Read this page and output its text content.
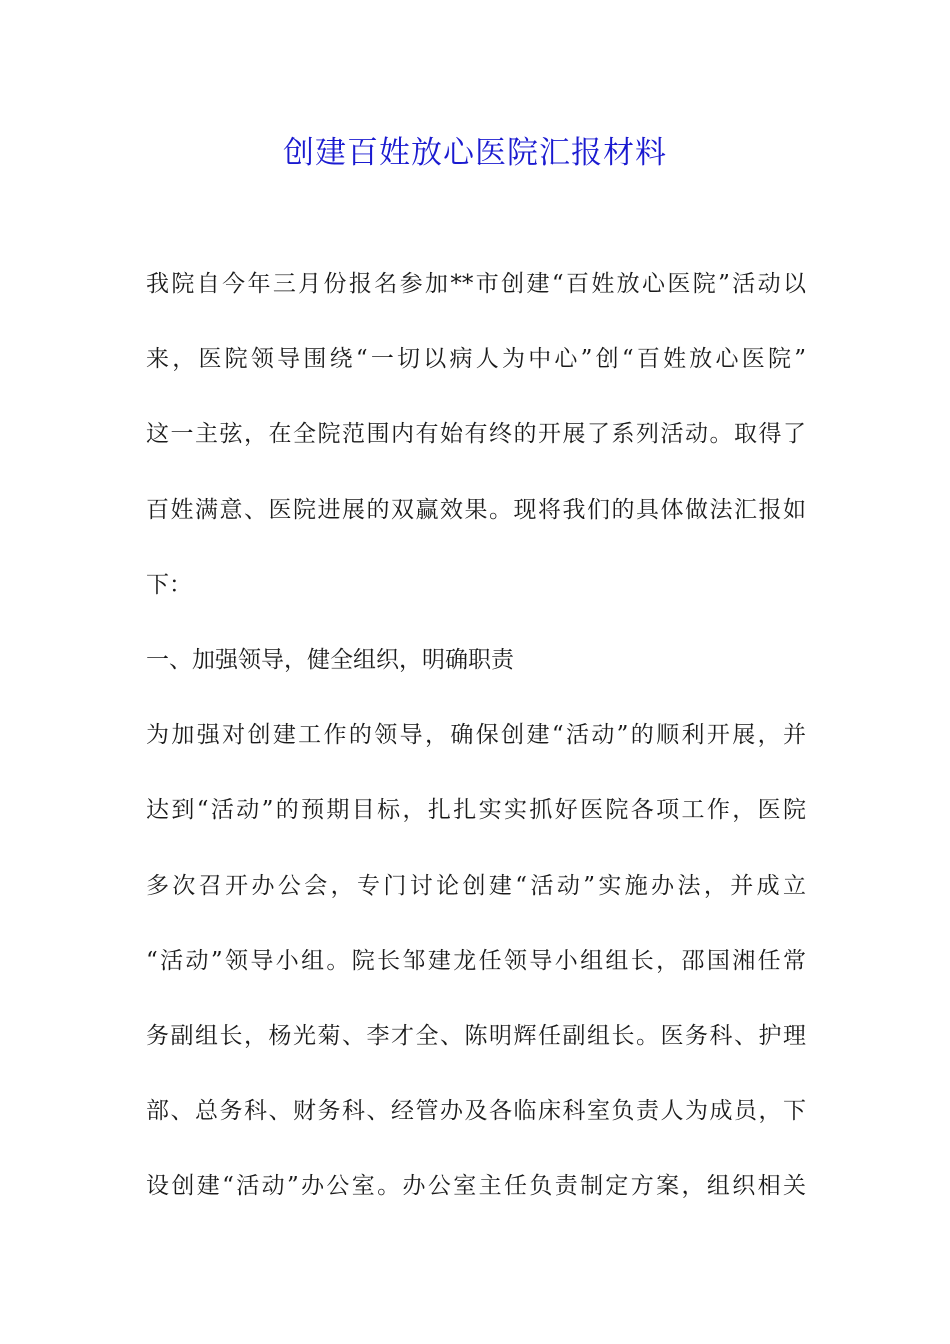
创建百姓放心医院汇报材料
我院自今年三月份报名参加**市创建“百姓放心医院”活动以
来，医院领导围绕“一切以病人为中心”创“百姓放心医院”
这一主弦，在全院范围内有始有终的开展了系列活动。取得了
百姓满意、医院进展的双赢效果。现将我们的具体做法汇报如
下：
一、加强领导，健全组织，明确职责
为加强对创建工作的领导，确保创建“活动”的顺利开展，并
达到“活动”的预期目标，扎扎实实抓好医院各项工作，医院
多次召开办公会，专门讨论创建“活动”实施办法，并成立
“活动”领导小组。院长邹建龙任领导小组组长，邵国湘任常
务副组长，杨光菊、李才全、陈明辉任副组长。医务科、护理
部、总务科、财务科、经管办及各临床科室负责人为成员，下
设创建“活动”办公室。办公室主任负责制定方案，组织相关
